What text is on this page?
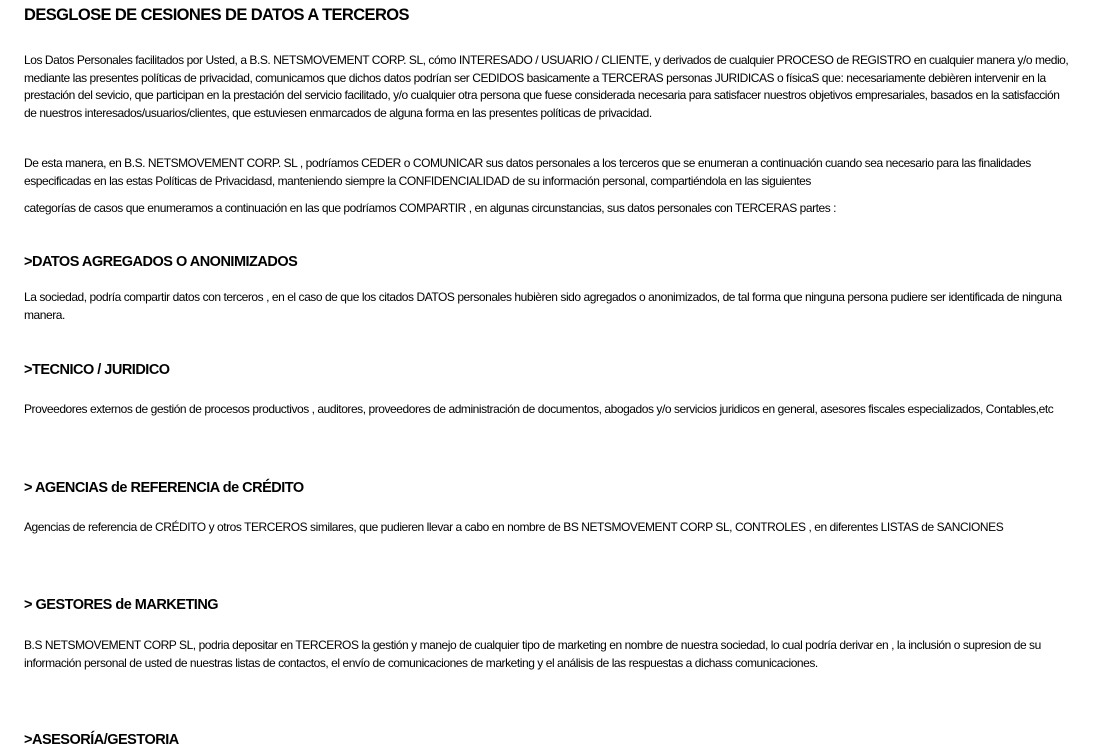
DESGLOSE DE CESIONES DE DATOS A TERCEROS

Los Datos Personales facilitados por Usted, a B.S. NETSMOVEMENT CORP. SL, cómo INTERESADO / USUARIO / CLIENTE, y derivados de cualquier PROCESO de REGISTRO en cualquier manera y/o medio, mediante las presentes políticas de privacidad, comunicamos que dichos datos podrían ser CEDIDOS basicamente a TERCERAS personas JURIDICAS o físicaS que: necesariamente debièren intervenir en la prestación del sevicio, que participan en la prestación del servicio facilitado, y/o cualquier otra persona que fuese considerada necesaria para satisfacer nuestros objetivos empresariales, basados en la satisfacción de nuestros interesados/usuarios/clientes, que estuviesen enmarcados de alguna forma en las presentes políticas de privacidad.

De esta manera, en B.S. NETSMOVEMENT CORP. SL , podríamos CEDER o COMUNICAR sus datos personales a los terceros que se enumeran a continuación cuando sea necesario para las finalidades especificadas en las estas Políticas de Privacidasd, manteniendo siempre la CONFIDENCIALIDAD de su información personal, compartiéndola en las siguientes

categorías de casos que enumeramos a continuación en las que podríamos COMPARTIR , en algunas circunstancias, sus datos personales con TERCERAS partes :

>DATOS AGREGADOS O ANONIMIZADOS

La sociedad, podría compartir datos con terceros , en el caso de que los citados DATOS personales hubièren sido agregados o anonimizados, de tal forma que ninguna persona pudiere ser identificada de ninguna manera.

>TECNICO / JURIDICO

Proveedores externos de gestión de procesos productivos , auditores, proveedores de administración de documentos, abogados y/o servicios juridicos en general, asesores fiscales especializados, Contables,etc

> AGENCIAS de REFERENCIA de CRÉDITO

Agencias de referencia de CRÉDITO y otros TERCEROS similares, que pudieren llevar a cabo en nombre de BS NETSMOVEMENT CORP SL, CONTROLES , en diferentes LISTAS de SANCIONES

> GESTORES de MARKETING

B.S NETSMOVEMENT CORP SL, podria depositar en TERCEROS la gestión y manejo de cualquier tipo de marketing en nombre de nuestra sociedad, lo cual podría derivar en , la inclusión o supresion de su información personal de usted de nuestras listas de contactos, el envío de comunicaciones de marketing y el análisis de las respuestas a dichass comunicaciones.

>ASESORÍA/GESTORIA
